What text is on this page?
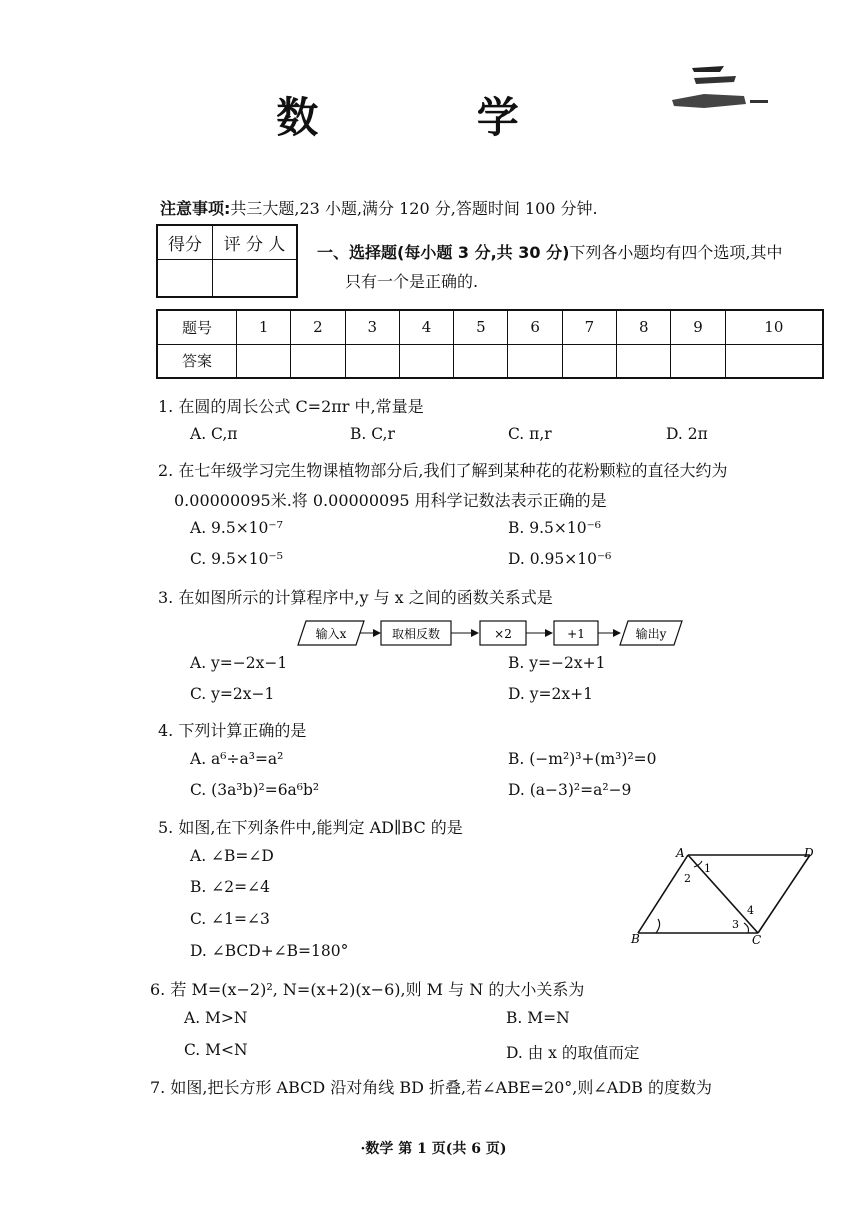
数 学
注意事项:共三大题,23 小题,满分 120 分,答题时间 100 分钟.
得分	评 分 人
	一、选择题(每小题 3 分,共 30 分)下列各小题均有四个选项,其中
只有一个是正确的.
题号	1	2	3	4	5	6	7	8	9	10
答案										
1. 在圆的周长公式 C=2πr 中,常量是
A. C,π	B. C,r	C. π,r	D. 2π
2. 在七年级学习完生物课植物部分后,我们了解到某种花的花粉颗粒的直径大约为
0.00000095米.将 0.00000095 用科学记数法表示正确的是
A. 9.5×10⁻⁷	B. 9.5×10⁻⁶
C. 9.5×10⁻⁵	D. 0.95×10⁻⁶
3. 在如图所示的计算程序中,y 与 x 之间的函数关系式是
输入x	取相反数	×2	+1	输出y
A. y=−2x−1	B. y=−2x+1
C. y=2x−1	D. y=2x+1
4. 下列计算正确的是
A. a⁶÷a³=a²	B. (−m²)³+(m³)²=0
C. (3a³b)²=6a⁶b²	D. (a−3)²=a²−9
5. 如图,在下列条件中,能判定 AD∥BC 的是
A. ∠B=∠D
B. ∠2=∠4
C. ∠1=∠3
D. ∠BCD+∠B=180°
A	D
B	C
1
2
3
4
6. 若 M=(x−2)², N=(x+2)(x−6),则 M 与 N 的大小关系为
A. M>N	B. M=N
C. M<N	D. 由 x 的取值而定
7. 如图,把长方形 ABCD 沿对角线 BD 折叠,若∠ABE=20°,则∠ADB 的度数为
·数学 第 1 页(共 6 页)
